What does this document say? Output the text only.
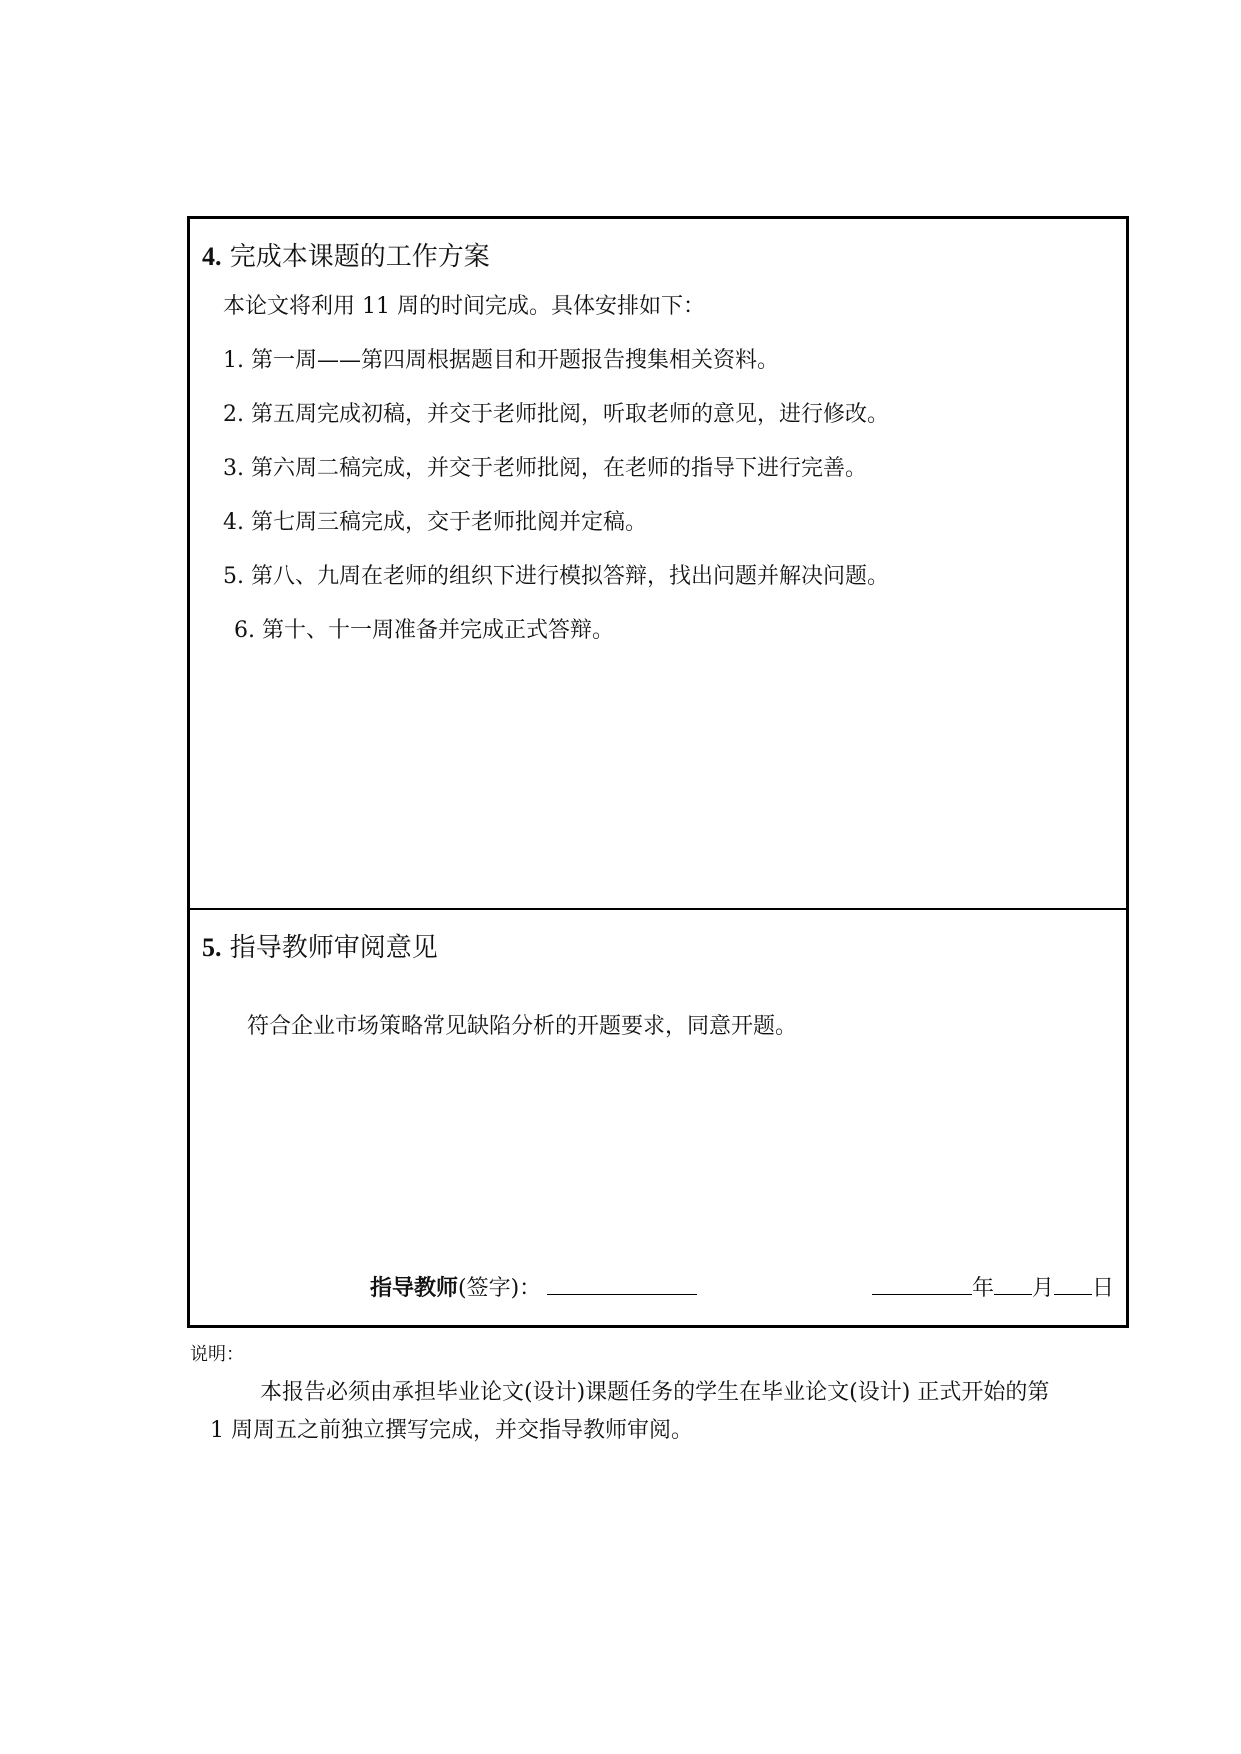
4. 完成本课题的工作方案
本论文将利用 11 周的时间完成。具体安排如下：
1. 第一周——第四周根据题目和开题报告搜集相关资料。
2. 第五周完成初稿，并交于老师批阅，听取老师的意见，进行修改。
3. 第六周二稿完成，并交于老师批阅，在老师的指导下进行完善。
4. 第七周三稿完成，交于老师批阅并定稿。
5. 第八、九周在老师的组织下进行模拟答辩，找出问题并解决问题。
6. 第十、十一周准备并完成正式答辩。
5. 指导教师审阅意见
符合企业市场策略常见缺陷分析的开题要求，同意开题。
指导教师(签字)：	年 月 日
说明：
本报告必须由承担毕业论文(设计)课题任务的学生在毕业论文(设计) 正式开始的第 1 周周五之前独立撰写完成，并交指导教师审阅。
